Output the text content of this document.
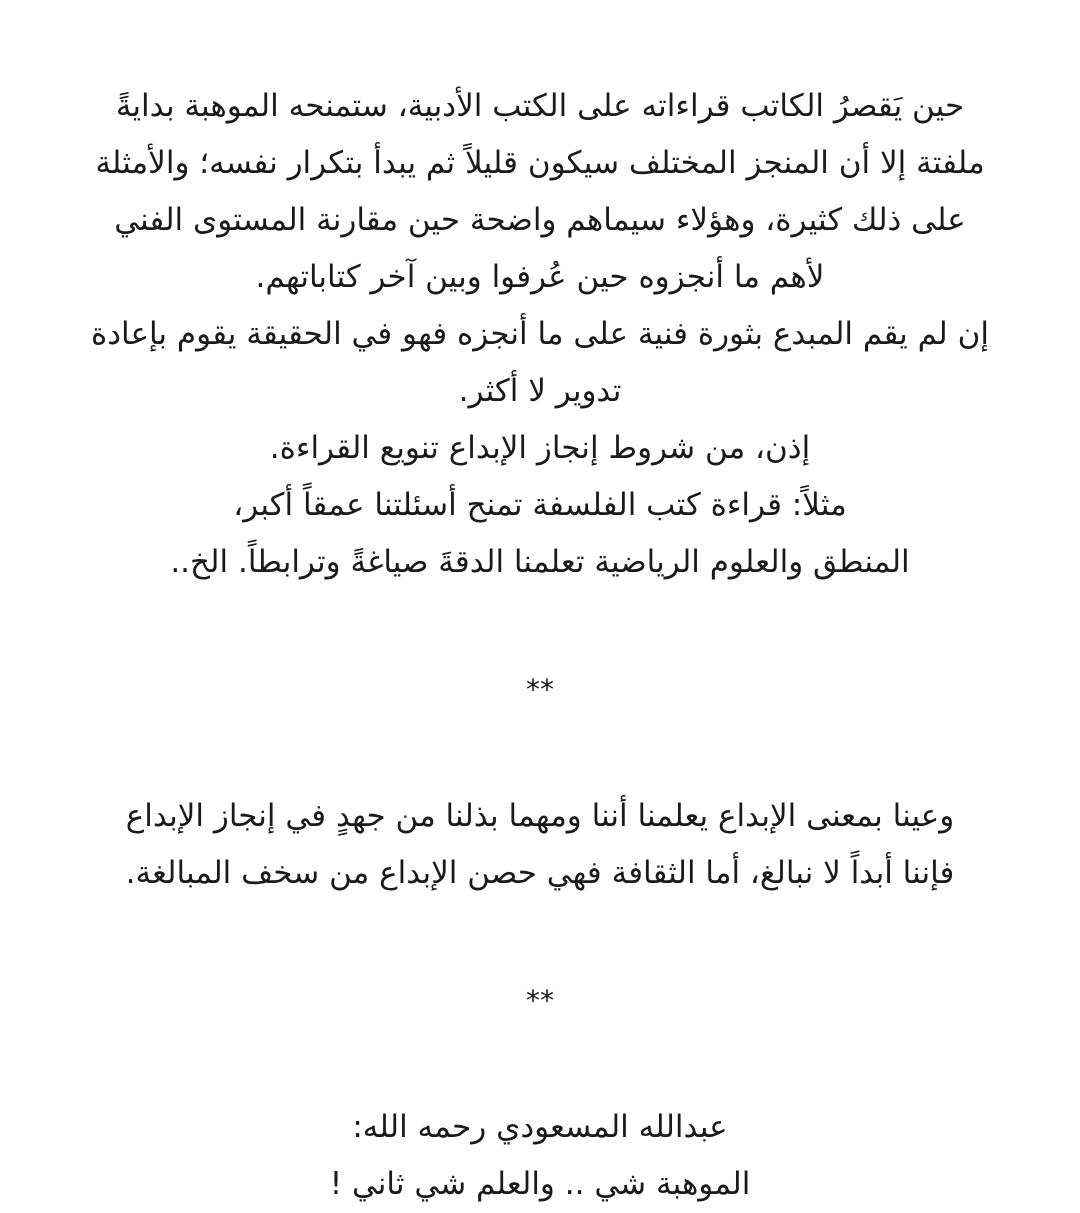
حين يَقصرُ الكاتب قراءاته على الكتب الأدبية، ستمنحه الموهبة بدايةً
ملفتة إلا أن المنجز المختلف سيكون قليلاً ثم يبدأ بتكرار نفسه؛ والأمثلة
على ذلك كثيرة، وهؤلاء سيماهم واضحة حين مقارنة المستوى الفني
لأهم ما أنجزوه حين عُرفوا وبين آخر كتاباتهم.
إن لم يقم المبدع بثورة فنية على ما أنجزه فهو في الحقيقة يقوم بإعادة
تدوير لا أكثر.
إذن، من شروط إنجاز الإبداع تنويع القراءة.
مثلاً: قراءة كتب الفلسفة تمنح أسئلتنا عمقاً أكبر،
المنطق والعلوم الرياضية تعلمنا الدقةَ صياغةً وترابطاً. الخ..

**

وعينا بمعنى الإبداع يعلمنا أننا ومهما بذلنا من جهدٍ في إنجاز الإبداع
فإننا أبداً لا نبالغ، أما الثقافة فهي حصن الإبداع من سخف المبالغة.

**

عبدالله المسعودي رحمه الله:
الموهبة شي .. والعلم شي ثاني !
